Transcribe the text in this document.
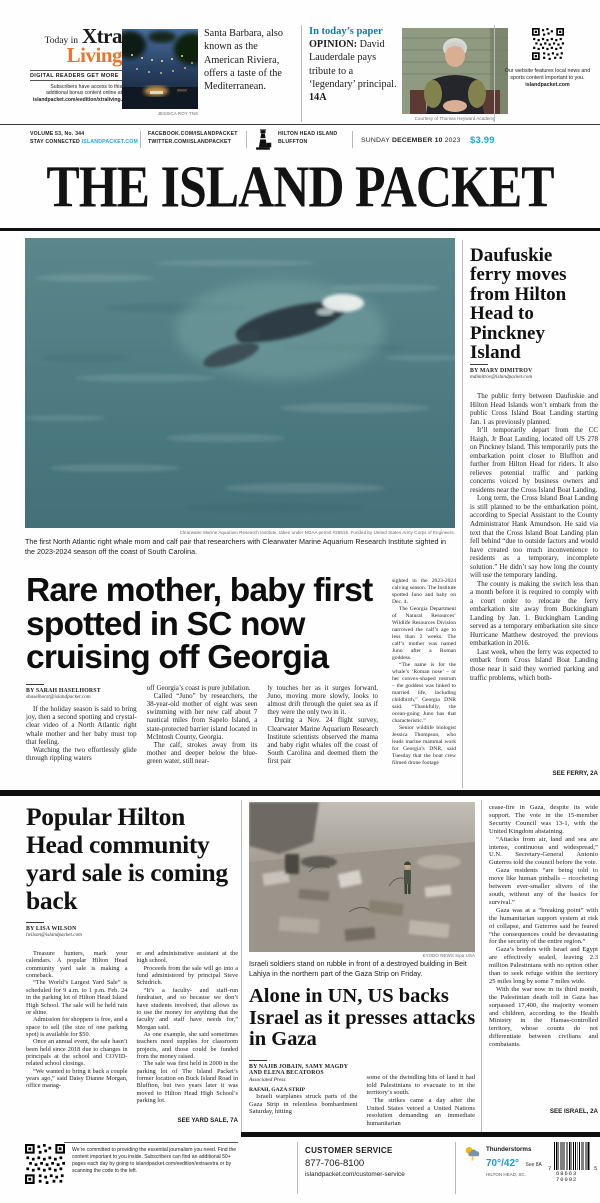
Today in Xtra
Living
DIGITAL READERS GET MORE
Subscribers have access to this additional bonus content online at islandpacket.com/eedition/xtraliving.
JESSICA ROY TNS
Santa Barbara, also known as the American Riviera, offers a taste of the Mediterranean.
In today’s paper
OPINION: David Lauderdale pays tribute to a ‘legendary’ principal. 14A
Courtesy of Thomas Heyward Academy
Our website features local news and sports content important to you.
islandpacket.com
VOLUME 53, No. 344
STAY CONNECTED ISLANDPACKET.COM
FACEBOOK.COM/ISLANDPACKET
TWITTER.COM/ISLANDPACKET
HILTON HEAD ISLAND
BLUFFTON	SUNDAY DECEMBER 10 2023 $3.99
THE ISLAND PACKET
Clearwater Marine Aquarium Research Institute, taken under NOAA permit #26919. Funded by United States Army Corps of Engineers.
The first North Atlantic right whale mom and calf pair that researchers with Clearwater Marine Aquarium Research Institute sighted in the 2023-2024 season off the coast of South Carolina.
Rare mother, baby first spotted in SC now cruising off Georgia

sighted in the 2023-2024 calving season. The Institute spotted Juno and baby on Dec. 4.

The Georgia Department of Natural Resources’ Wildlife Resources Division narrowed the calf’s age to less than 2 weeks. The calf’s mother was named Juno after a Roman goddess.

“The name is for the whale’s ‘Roman nose’ – or her convex-shaped rostrum – the goddess was linked to married life, including childbirth,” Georgia DNR said. “Thankfully, the ocean-going Juno has that characteristic.”

Senior wildlife biologist Jessica Thompson, who leads marine mammal work for Georgia’s DNR, said Tuesday that the boat crew filmed drone footage

BY SARAH HASELHORST
shaselhorst@islandpacket.com

If the holiday season is said to bring joy, then a second spotting and crystal-clear video of a North Atlantic right whale mother and her baby must top that feeling.

Watching the two effortlessly glide through rippling waters

off Georgia’s coast is pure jubilation.

Called “Juno” by researchers, the 38-year-old mother of eight was seen swimming with her new calf about 7 nautical miles from Sapelo Island, a state-protected barrier island located in McIntosh County, Georgia.

The calf, strokes away from its mother and deeper below the blue-green water, still near-

ly touches her as it surges forward. Juno, moving more slowly, looks to almost drift through the quiet sea as if they were the only two in it.

During a Nov. 24 flight survey, Clearwater Marine Aquarium Research Institute scientists observed the mama and baby right whales off the coast of South Carolina and deemed them the first pair

Daufuskie ferry moves from Hilton Head to Pinckney Island
BY MARY DIMITROV
mdimitrov@islandpacket.com

The public ferry between Daufuskie and Hilton Head Islands won’t embark from the public Cross Island Boat Landing starting Jan. 1 as previously planned.

It’ll temporarily depart from the CC Haigh, Jr Boat Landing, located off US 278 on Pinckney Island. This temporarily puts the embarkation point closer to Bluffton and further from Hilton Head for riders. It also relieves potential traffic and parking concerns voiced by business owners and residents near the Cross Island Boat Landing.

Long term, the Cross Island Boat Landing is still planned to be the embarkation point, according to Special Assistant to the County Administrator Hank Amundson. He said via text that the Cross Island Boat Landing plan fell behind “due to outside factors and would have created too much inconvenience to residents as a temporary, incomplete solution.” He didn’t say how long the county will use the temporary landing.

The county is making the switch less than a month before it is required to comply with a court order to relocate the ferry embarkation site away from Buckingham Landing by Jan. 1. Buckingham Landing served as a temporary embarkation site since Hurricane Matthew destroyed the previous embarkation in 2016.

Last week, when the ferry was expected to embark from Cross Island Boat Landing those near it said they worried parking and traffic problems, which both-

SEE FERRY, 2A
Popular Hilton Head community yard sale is coming back
BY LISA WILSON
lwilson@islandpacket.com

Treasure hunters, mark your calendars. A popular Hilton Head community yard sale is making a comeback.

“The World’s Largest Yard Sale” is scheduled for 9 a.m. to 1 p.m. Feb. 24 in the parking lot of Hilton Head Island High School. The sale will be held rain or shine.

Admission for shoppers is free, and a space to sell (the size of one parking spot) is available for $50.

Once an annual event, the sale hasn’t been held since 2018 due to changes in principals at the school and COVID-related school closings.

“We wanted to bring it back a couple years ago,” said Daisy Dianne Morgan, office manag-

er and administrative assistant at the high school.

Proceeds from the sale will go into a fund administered by principal Steve Schidrich.

“It’s a faculty- and staff-run fundraiser, and so because we don’t have students involved, that allows us to use the money for anything that the faculty and staff have needs for,” Morgan said.

As one example, she said sometimes teachers need supplies for classroom projects, and those could be funded from the money raised.

The sale was first held in 2000 in the parking lot of The Island Packet’s former location on Buck Island Road in Bluffton, but two years later it was moved to Hilton Head High School’s parking lot.

SEE YARD SALE, 7A
KYODO NEWS Sipa USA
Israeli soldiers stand on rubble in front of a destroyed building in Beit Lahiya in the northern part of the Gaza Strip on Friday.
Alone in UN, US backs Israel as it presses attacks in Gaza
BY NAJIB JOBAIN, SAMY MAGDY AND ELENA BECATOROS
Associated Press
RAFAH, GAZA STRIP

Israeli warplanes struck parts of the Gaza Strip in relentless bombardment Saturday, hitting

some of the dwindling bits of land it had told Palestinians to evacuate to in the territory’s south.

The strikes came a day after the United States vetoed a United Nations resolution demanding an immediate humanitarian

cease-fire in Gaza, despite its wide support. The vote in the 15-member Security Council was 13-1, with the United Kingdom abstaining.

“Attacks from air, land and sea are intense, continuous and widespread,” U.N. Secretary-General Antonio Guterres told the council before the vote.

Gaza residents “are being told to move like human pinballs – ricocheting between ever-smaller slivers of the south, without any of the basics for survival.”

Gaza was at a “breaking point” with the humanitarian support system at risk of collapse, and Guterres said he feared “the consequences could be devastating for the security of the entire region.”

Gaza’s borders with Israel and Egypt are effectively sealed, leaving 2.3 million Palestinians with no option other than to seek refuge within the territory 25 miles long by some 7 miles wide.

With the war now in its third month, the Palestinian death toll in Gaza has surpassed 17,400, the majority women and children, according to the Health Ministry in the Hamas-controlled territory, whose counts do not differentiate between civilians and combatants.

SEE ISRAEL, 2A
We’re committed to providing the essential journalism you need. Find the content important to you inside. Subscribers can find an additional 50+ pages each day by going to islandpacket.com/eedition/extraextra or by scanning the code to the left.
CUSTOMER SERVICE
877-706-8100
islandpacket.com/customer-service
Thunderstorms
70°/42° See 8A
HILTON HEAD, SC.
7
68663 70002
5
